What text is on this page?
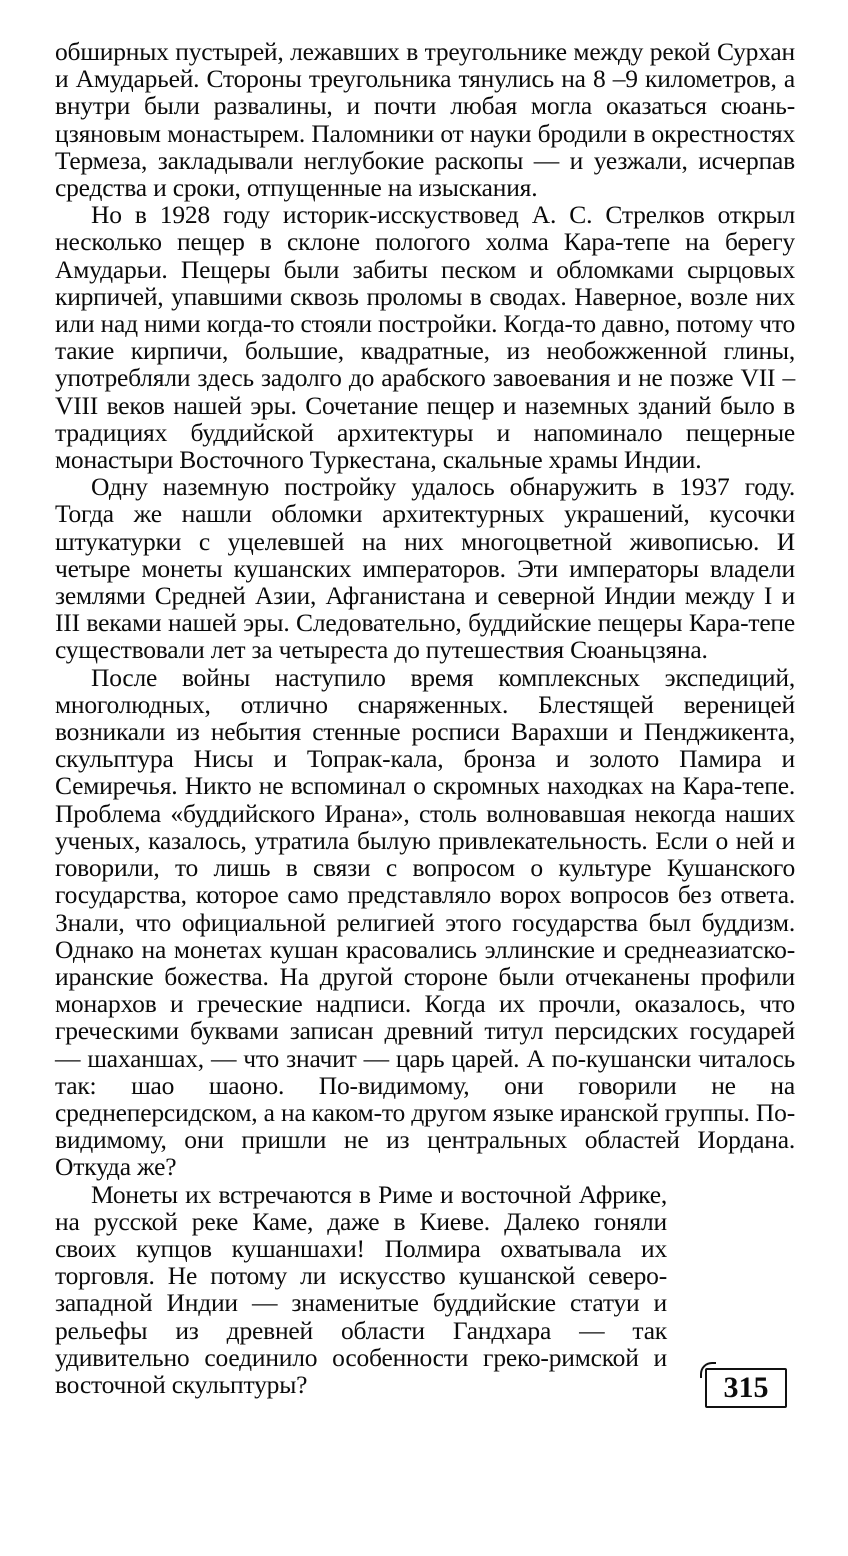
обширных пустырей, лежавших в треугольнике между рекой Сурхан и Амударьей. Стороны треугольника тянулись на 8 –9 километров, а внутри были развалины, и почти любая могла оказаться сюань-цзяновым монастырем. Паломники от науки бродили в окрестностях Термеза, закладывали неглубокие раскопы — и уезжали, исчерпав средства и сроки, отпущенные на изыскания.

Но в 1928 году историк-исскуствовед А. С. Стрелков открыл несколько пещер в склоне пологого холма Кара-тепе на берегу Амударьи. Пещеры были забиты песком и обломками сырцовых кирпичей, упавшими сквозь проломы в сводах. Наверное, возле них или над ними когда-то стояли постройки. Когда-то давно, потому что такие кирпичи, большие, квадратные, из необожженной глины, употребляли здесь задолго до арабского завоевания и не позже VII – VIII веков нашей эры. Сочетание пещер и наземных зданий было в традициях буддийской архитектуры и напоминало пещерные монастыри Восточного Туркестана, скальные храмы Индии.

Одну наземную постройку удалось обнаружить в 1937 году. Тогда же нашли обломки архитектурных украшений, кусочки штукатурки с уцелевшей на них многоцветной живописью. И четыре монеты кушанских императоров. Эти императоры владели землями Средней Азии, Афганистана и северной Индии между I и III веками нашей эры. Следовательно, буддийские пещеры Кара-тепе существовали лет за четыреста до путешествия Сюаньцзяна.

После войны наступило время комплексных экспедиций, многолюдных, отлично снаряженных. Блестящей вереницей возникали из небытия стенные росписи Варахши и Пенджикента, скульптура Нисы и Топрак-кала, бронза и золото Памира и Семиречья. Никто не вспоминал о скромных находках на Кара-тепе. Проблема «буддийского Ирана», столь волновавшая некогда наших ученых, казалось, утратила былую привлекательность. Если о ней и говорили, то лишь в связи с вопросом о культуре Кушанского государства, которое само представляло ворох вопросов без ответа. Знали, что официальной религией этого государства был буддизм. Однако на монетах кушан красовались эллинские и среднеазиатско-иранские божества. На другой стороне были отчеканены профили монархов и греческие надписи. Когда их прочли, оказалось, что греческими буквами записан древний титул персидских государей — шаханшах, — что значит — царь царей. А по-кушански читалось так: шао шаоно. По-видимому, они говорили не на среднеперсидском, а на каком-то другом языке иранской группы. По-видимому, они пришли не из центральных областей Иордана. Откуда же?

Монеты их встречаются в Риме и восточной Африке, на русской реке Каме, даже в Киеве. Далеко гоняли своих купцов кушаншахи! Полмира охватывала их торговля. Не потому ли искусство кушанской северо-западной Индии — знаменитые буддийские статуи и рельефы из древней области Гандхара — так удивительно соединило особенности греко-римской и восточной скульптуры?	315
